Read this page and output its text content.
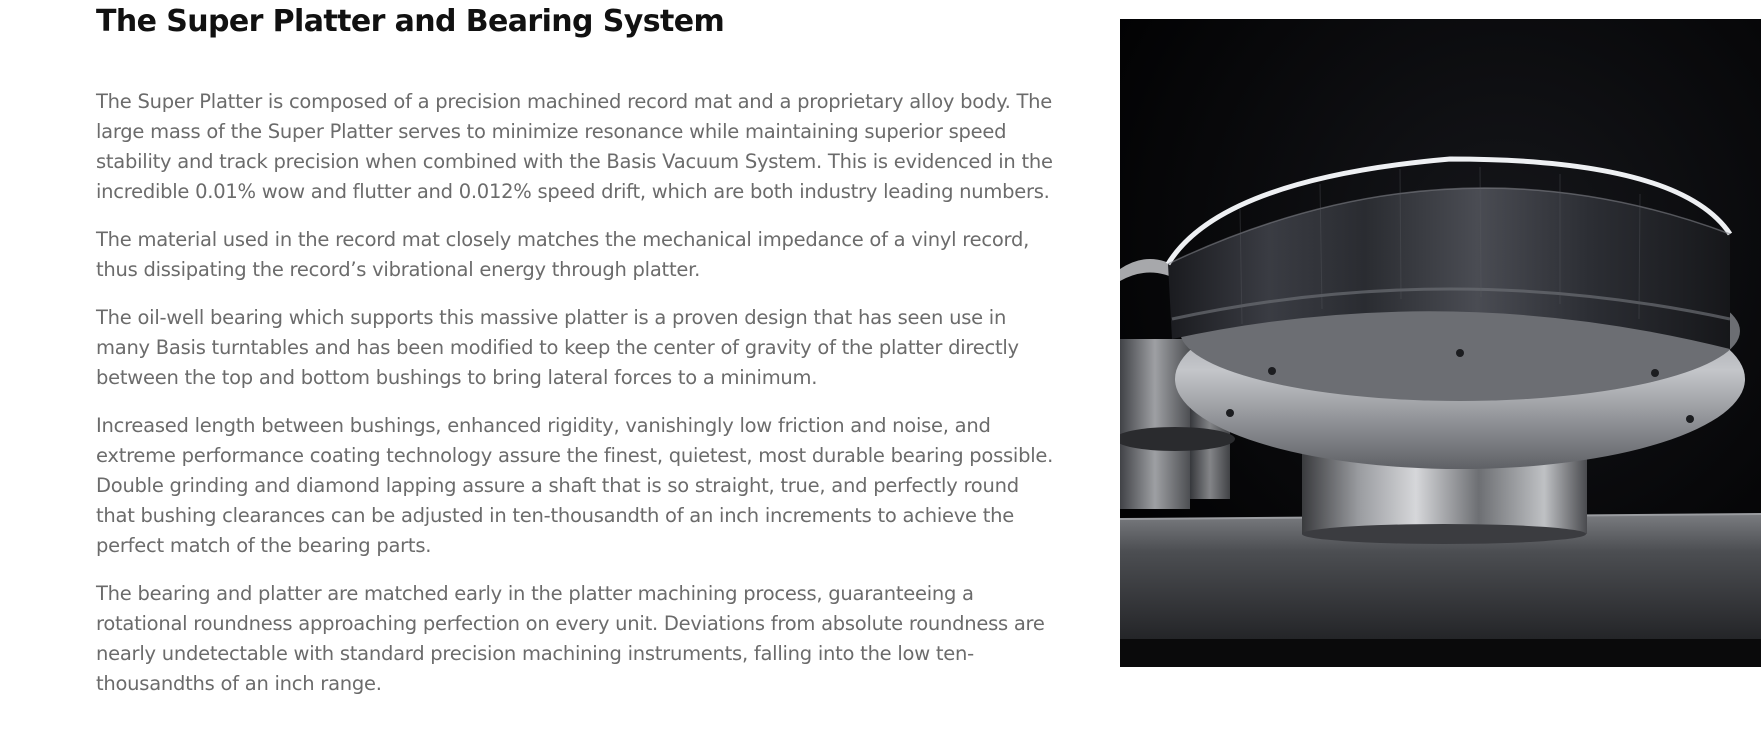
The Super Platter and Bearing System

The Super Platter is composed of a precision machined record mat and a proprietary alloy body. The large mass of the Super Platter serves to minimize resonance while maintaining superior speed stability and track precision when combined with the Basis Vacuum System. This is evidenced in the incredible 0.01% wow and flutter and 0.012% speed drift, which are both industry leading numbers.

The material used in the record mat closely matches the mechanical impedance of a vinyl record, thus dissipating the record’s vibrational energy through platter.

The oil-well bearing which supports this massive platter is a proven design that has seen use in many Basis turntables and has been modified to keep the center of gravity of the platter directly between the top and bottom bushings to bring lateral forces to a minimum.

Increased length between bushings, enhanced rigidity, vanishingly low friction and noise, and extreme performance coating technology assure the finest, quietest, most durable bearing possible. Double grinding and diamond lapping assure a shaft that is so straight, true, and perfectly round that bushing clearances can be adjusted in ten-thousandth of an inch increments to achieve the perfect match of the bearing parts.

The bearing and platter are matched early in the platter machining process, guaranteeing a rotational roundness approaching perfection on every unit. Deviations from absolute roundness are nearly undetectable with standard precision machining instruments, falling into the low ten-thousandths of an inch range.
